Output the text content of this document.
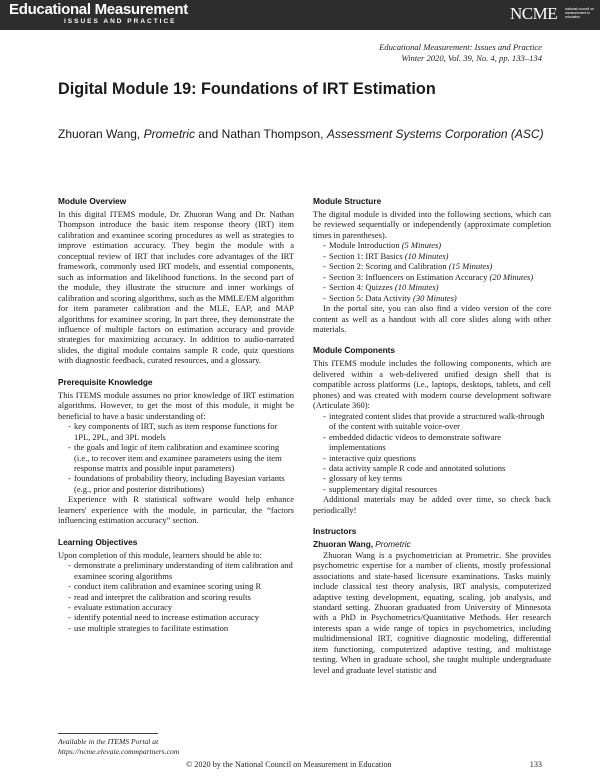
Educational Measurement
ISSUES AND PRACTICE	NCME national council on measurement in education
Educational Measurement: Issues and Practice
Winter 2020, Vol. 39, No. 4, pp. 133–134
Digital Module 19: Foundations of IRT Estimation
Zhuoran Wang, Prometric and Nathan Thompson, Assessment Systems Corporation (ASC)
Module Overview
In this digital ITEMS module, Dr. Zhuoran Wang and Dr. Nathan Thompson introduce the basic item response theory (IRT) item calibration and examinee scoring procedures as well as strategies to improve estimation accuracy. They begin the module with a conceptual review of IRT that includes core advantages of the IRT framework, commonly used IRT models, and essential components, such as information and likelihood functions. In the second part of the module, they illustrate the structure and inner workings of calibration and scoring algorithms, such as the MMLE/EM algorithm for item parameter calibration and the MLE, EAP, and MAP algorithms for examinee scoring. In part three, they demonstrate the influence of multiple factors on estimation accuracy and provide strategies for maximizing accuracy. In addition to audio-narrated slides, the digital module contains sample R code, quiz questions with diagnostic feedback, curated resources, and a glossary.
Prerequisite Knowledge
This ITEMS module assumes no prior knowledge of IRT estimation algorithms. However, to get the most of this module, it might be beneficial to have a basic understanding of:
- key components of IRT, such as item response functions for 1PL, 2PL, and 3PL models
- the goals and logic of item calibration and examinee scoring (i.e., to recover item and examinee parameters using the item response matrix and possible input parameters)
- foundations of probability theory, including Bayesian variants (e.g., prior and posterior distributions)
Experience with R statistical software would help enhance learners' experience with the module, in particular, the “factors influencing estimation accuracy” section.
Learning Objectives
Upon completion of this module, learners should be able to:
- demonstrate a preliminary understanding of item calibration and examinee scoring algorithms
- conduct item calibration and examinee scoring using R
- read and interpret the calibration and scoring results
- evaluate estimation accuracy
- identify potential need to increase estimation accuracy
- use multiple strategies to facilitate estimation
Module Structure
The digital module is divided into the following sections, which can be reviewed sequentially or independently (approximate completion times in parentheses).
- Module Introduction (5 Minutes)
- Section 1: IRT Basics (10 Minutes)
- Section 2: Scoring and Calibration (15 Minutes)
- Section 3: Influencers on Estimation Accuracy (20 Minutes)
- Section 4: Quizzes (10 Minutes)
- Section 5: Data Activity (30 Minutes)
In the portal site, you can also find a video version of the core content as well as a handout with all core slides along with other materials.
Module Components
This ITEMS module includes the following components, which are delivered within a web-delivered unified design shell that is compatible across platforms (i.e., laptops, desktops, tablets, and cell phones) and was created with modern course development software (Articulate 360):
- integrated content slides that provide a structured walk-through of the content with suitable voice-over
- embedded didactic videos to demonstrate software implementations
- interactive quiz questions
- data activity sample R code and annotated solutions
- glossary of key terms
- supplementary digital resources
Additional materials may be added over time, so check back periodically!
Instructors
Zhuoran Wang, Prometric
Zhuoran Wang is a psychometrician at Prometric. She provides psychometric expertise for a number of clients, mostly professional associations and state-based licensure examinations. Tasks mainly include classical test theory analysis, IRT analysis, computerized adaptive testing development, equating, scaling, job analysis, and standard setting. Zhuoran graduated from University of Minnesota with a PhD in Psychometrics/Quantitative Methods. Her research interests span a wide range of topics in psychometrics, including multidimensional IRT, cognitive diagnostic modeling, differential item functioning, computerized adaptive testing, and multistage testing. When in graduate school, she taught multiple undergraduate level and graduate level statistic and
Available in the ITEMS Portal at
https://ncme.elevate.commpartners.com
© 2020 by the National Council on Measurement in Education	133
